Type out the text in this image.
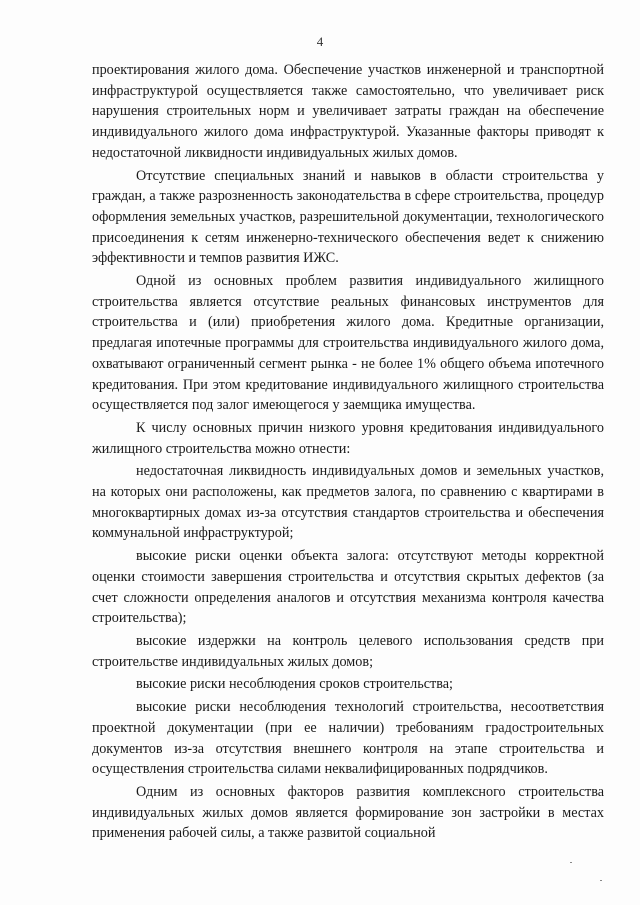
4

проектирования жилого дома. Обеспечение участков инженерной и транспортной инфраструктурой осуществляется также самостоятельно, что увеличивает риск нарушения строительных норм и увеличивает затраты граждан на обеспечение индивидуального жилого дома инфраструктурой. Указанные факторы приводят к недостаточной ликвидности индивидуальных жилых домов.

Отсутствие специальных знаний и навыков в области строительства у граждан, а также разрозненность законодательства в сфере строительства, процедур оформления земельных участков, разрешительной документации, технологического присоединения к сетям инженерно-технического обеспечения ведет к снижению эффективности и темпов развития ИЖС.

Одной из основных проблем развития индивидуального жилищного строительства является отсутствие реальных финансовых инструментов для строительства и (или) приобретения жилого дома. Кредитные организации, предлагая ипотечные программы для строительства индивидуального жилого дома, охватывают ограниченный сегмент рынка - не более 1% общего объема ипотечного кредитования. При этом кредитование индивидуального жилищного строительства осуществляется под залог имеющегося у заемщика имущества.

К числу основных причин низкого уровня кредитования индивидуального жилищного строительства можно отнести:

недостаточная ликвидность индивидуальных домов и земельных участков, на которых они расположены, как предметов залога, по сравнению с квартирами в многоквартирных домах из-за отсутствия стандартов строительства и обеспечения коммунальной инфраструктурой;

высокие риски оценки объекта залога: отсутствуют методы корректной оценки стоимости завершения строительства и отсутствия скрытых дефектов (за счет сложности определения аналогов и отсутствия механизма контроля качества строительства);

высокие издержки на контроль целевого использования средств при строительстве индивидуальных жилых домов;

высокие риски несоблюдения сроков строительства;

высокие риски несоблюдения технологий строительства, несоответствия проектной документации (при ее наличии) требованиям градостроительных документов из-за отсутствия внешнего контроля на этапе строительства и осуществления строительства силами неквалифицированных подрядчиков.

Одним из основных факторов развития комплексного строительства индивидуальных жилых домов является формирование зон застройки в местах применения рабочей силы, а также развитой социальной
